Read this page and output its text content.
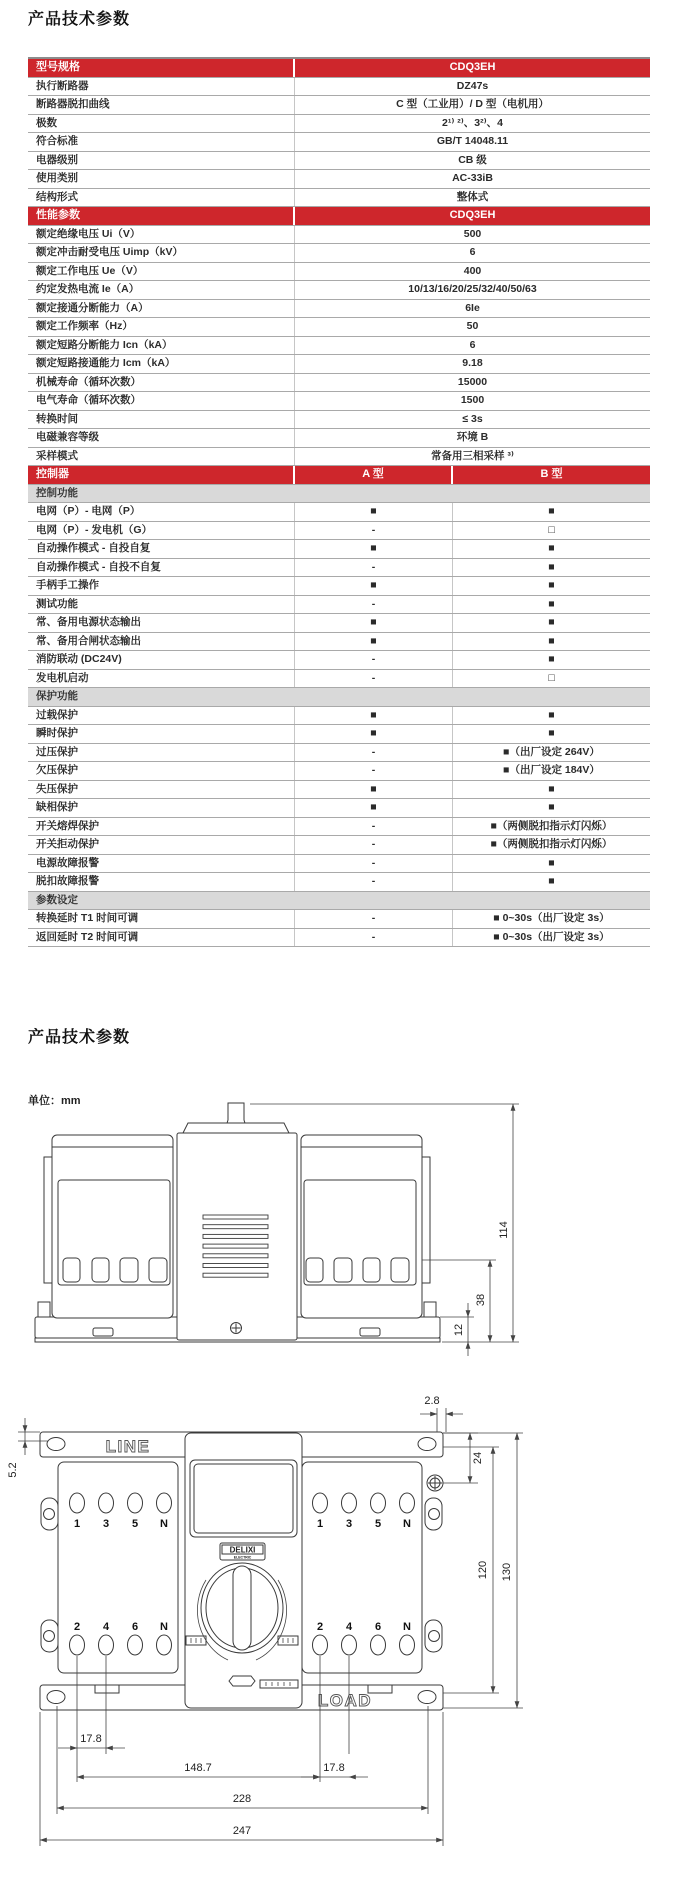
产品技术参数
型号规格	CDQ3EH
执行断路器	DZ47s
断路器脱扣曲线	C 型（工业用）/ D 型（电机用）
极数	2¹⁾ ²⁾、3²⁾、4
符合标准	GB/T 14048.11
电器级别	CB 级
使用类别	AC-33iB
结构形式	整体式
性能参数	CDQ3EH
额定绝缘电压 Ui（V）	500
额定冲击耐受电压 Uimp（kV）	6
额定工作电压 Ue（V）	400
约定发热电流 Ie（A）	10/13/16/20/25/32/40/50/63
额定接通分断能力（A）	6Ie
额定工作频率（Hz）	50
额定短路分断能力 Icn（kA）	6
额定短路接通能力 Icm（kA）	9.18
机械寿命（循环次数）	15000
电气寿命（循环次数）	1500
转换时间	≤ 3s
电磁兼容等级	环境 B
采样模式	常备用三相采样 ³⁾
控制器	A 型	B 型
控制功能
电网（P）- 电网（P）	■	■
电网（P）- 发电机（G）	-	□
自动操作模式 - 自投自复	■	■
自动操作模式 - 自投不自复	-	■
手柄手工操作	■	■
测试功能	-	■
常、备用电源状态输出	■	■
常、备用合闸状态输出	■	■
消防联动 (DC24V)	-	■
发电机启动	-	□
保护功能
过载保护	■	■
瞬时保护	■	■
过压保护	-	■（出厂设定 264V）
欠压保护	-	■（出厂设定 184V）
失压保护	■	■
缺相保护	■	■
开关熔焊保护	-	■（两侧脱扣指示灯闪烁）
开关拒动保护	-	■（两侧脱扣指示灯闪烁）
电源故障报警	-	■
脱扣故障报警	-	■
参数设定
转换延时 T1 时间可调	-	■ 0~30s（出厂设定 3s）
返回延时 T2 时间可调	-	■ 0~30s（出厂设定 3s）
产品技术参数
单位：mm
114
38
12
LINE
LOAD
1 3 5 N	1 3 5 N
2 4 6 N	2 4 6 N
DELIXI
ELECTRIC
2.8
24
5.2
120 130
17.8
148.7	17.8
228
247
